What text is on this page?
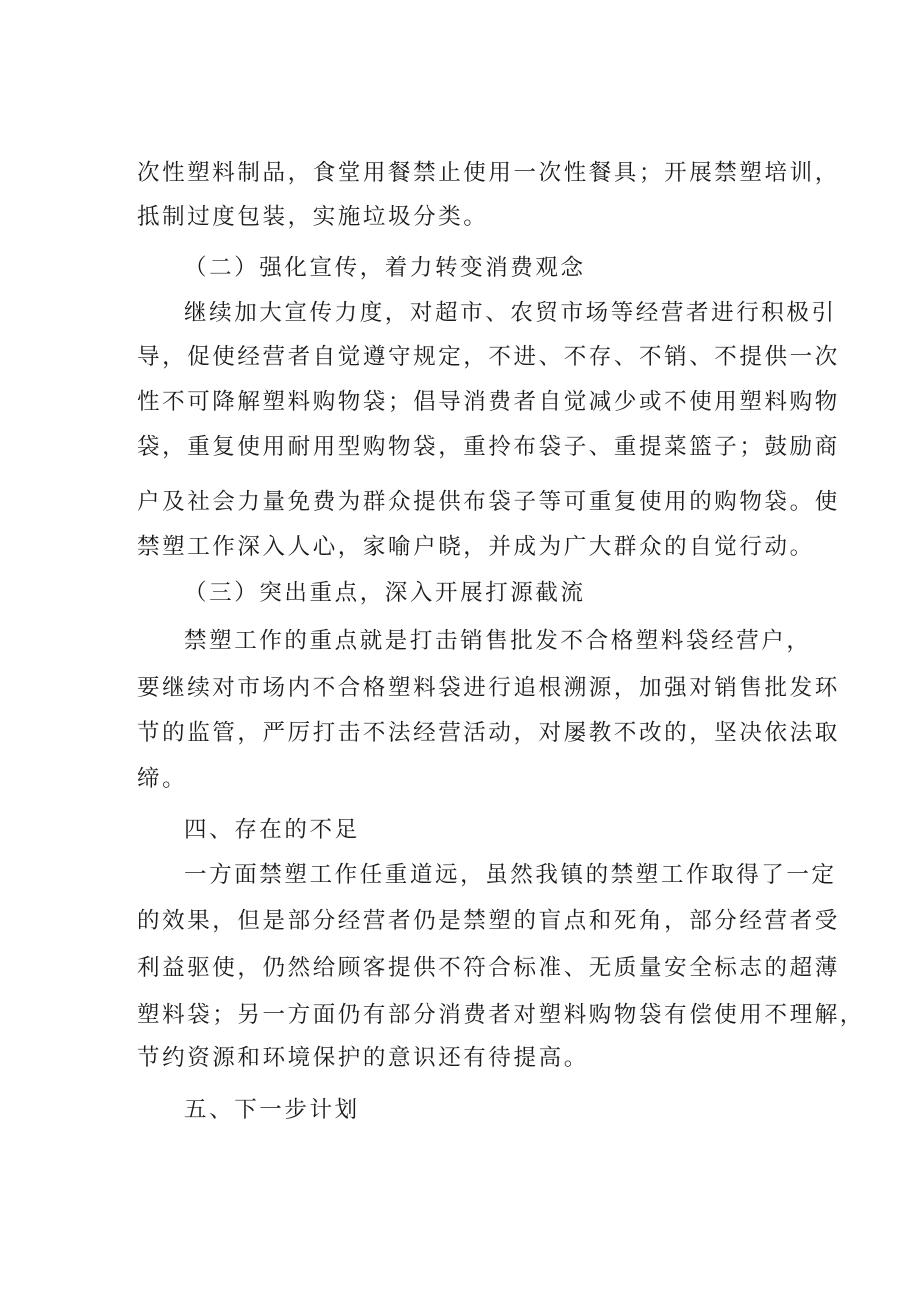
次性塑料制品，食堂用餐禁止使用一次性餐具；开展禁塑培训，
抵制过度包装，实施垃圾分类。
（二）强化宣传，着力转变消费观念
继续加大宣传力度，对超市、农贸市场等经营者进行积极引
导，促使经营者自觉遵守规定，不进、不存、不销、不提供一次
性不可降解塑料购物袋；倡导消费者自觉减少或不使用塑料购物
袋，重复使用耐用型购物袋，重拎布袋子、重提菜篮子；鼓励商
户及社会力量免费为群众提供布袋子等可重复使用的购物袋。使
禁塑工作深入人心，家喻户晓，并成为广大群众的自觉行动。
（三）突出重点，深入开展打源截流
禁塑工作的重点就是打击销售批发不合格塑料袋经营户，
要继续对市场内不合格塑料袋进行追根溯源，加强对销售批发环
节的监管，严厉打击不法经营活动，对屡教不改的，坚决依法取
缔。
四、存在的不足
一方面禁塑工作任重道远，虽然我镇的禁塑工作取得了一定
的效果，但是部分经营者仍是禁塑的盲点和死角，部分经营者受
利益驱使，仍然给顾客提供不符合标准、无质量安全标志的超薄
塑料袋；另一方面仍有部分消费者对塑料购物袋有偿使用不理解，
节约资源和环境保护的意识还有待提高。
五、下一步计划
